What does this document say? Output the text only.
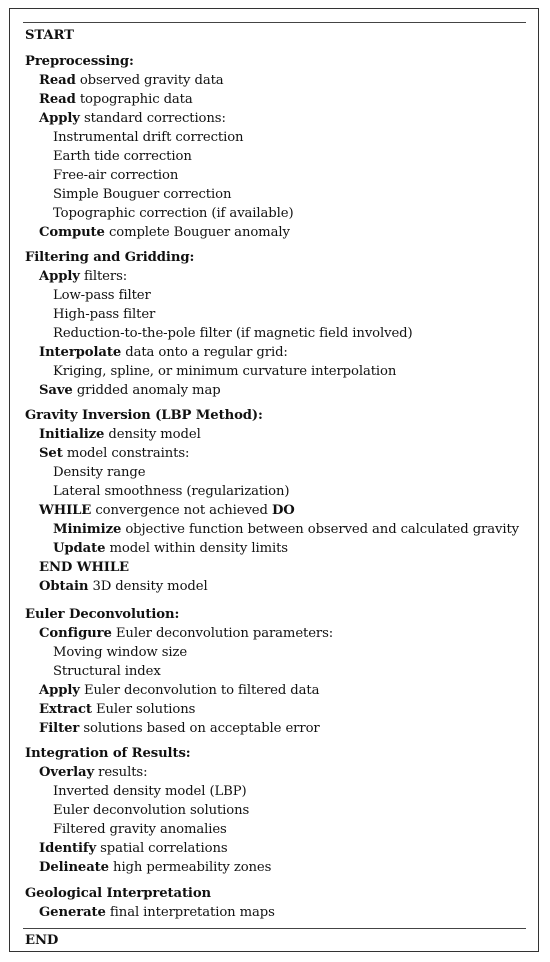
START
Preprocessing:
Read observed gravity data
Read topographic data
Apply standard corrections:
Instrumental drift correction
Earth tide correction
Free-air correction
Simple Bouguer correction
Topographic correction (if available)
Compute complete Bouguer anomaly
Filtering and Gridding:
Apply filters:
Low-pass filter
High-pass filter
Reduction-to-the-pole filter (if magnetic field involved)
Interpolate data onto a regular grid:
Kriging, spline, or minimum curvature interpolation
Save gridded anomaly map
Gravity Inversion (LBP Method):
Initialize density model
Set model constraints:
Density range
Lateral smoothness (regularization)
WHILE convergence not achieved DO
Minimize objective function between observed and calculated gravity
Update model within density limits
END WHILE
Obtain 3D density model
Euler Deconvolution:
Configure Euler deconvolution parameters:
Moving window size
Structural index
Apply Euler deconvolution to filtered data
Extract Euler solutions
Filter solutions based on acceptable error
Integration of Results:
Overlay results:
Inverted density model (LBP)
Euler deconvolution solutions
Filtered gravity anomalies
Identify spatial correlations
Delineate high permeability zones
Geological Interpretation
Generate final interpretation maps
END
